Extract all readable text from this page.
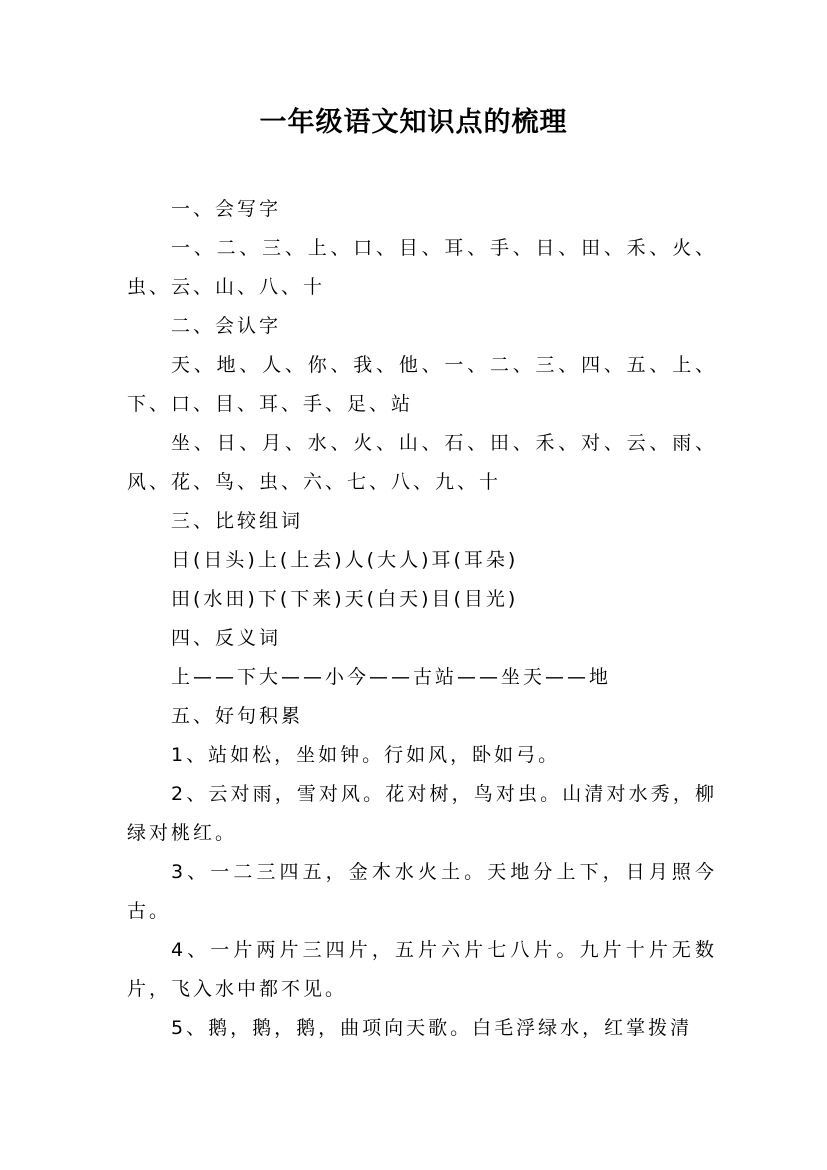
一年级语文知识点的梳理

一、会写字

一、二、三、上、口、目、耳、手、日、田、禾、火、虫、云、山、八、十

二、会认字

天、地、人、你、我、他、一、二、三、四、五、上、下、口、目、耳、手、足、站

坐、日、月、水、火、山、石、田、禾、对、云、雨、风、花、鸟、虫、六、七、八、九、十

三、比较组词

日(日头)上(上去)人(大人)耳(耳朵)

田(水田)下(下来)天(白天)目(目光)

四、反义词

上——下大——小今——古站——坐天——地

五、好句积累

1、站如松，坐如钟。行如风，卧如弓。

2、云对雨，雪对风。花对树，鸟对虫。山清对水秀，柳绿对桃红。

3、一二三四五，金木水火土。天地分上下，日月照今古。

4、一片两片三四片，五片六片七八片。九片十片无数片，飞入水中都不见。

5、鹅，鹅，鹅，曲项向天歌。白毛浮绿水，红掌拨清
